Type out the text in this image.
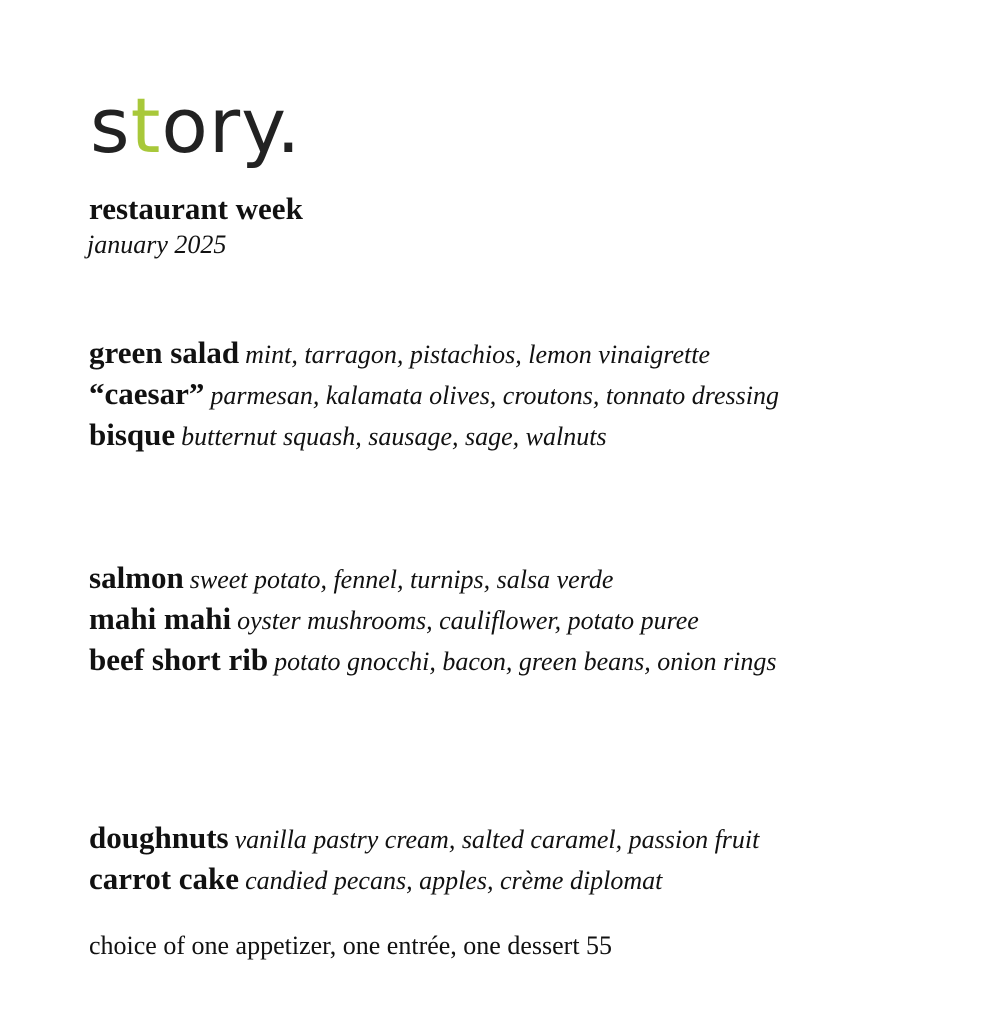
story.
restaurant week
january 2025
green salad mint, tarragon, pistachios, lemon vinaigrette
“caesar” parmesan, kalamata olives, croutons, tonnato dressing
bisque butternut squash, sausage, sage, walnuts
salmon sweet potato, fennel, turnips, salsa verde
mahi mahi oyster mushrooms, cauliflower, potato puree
beef short rib potato gnocchi, bacon, green beans, onion rings
doughnuts vanilla pastry cream, salted caramel, passion fruit
carrot cake candied pecans, apples, crème diplomat
choice of one appetizer, one entrée, one dessert 55
